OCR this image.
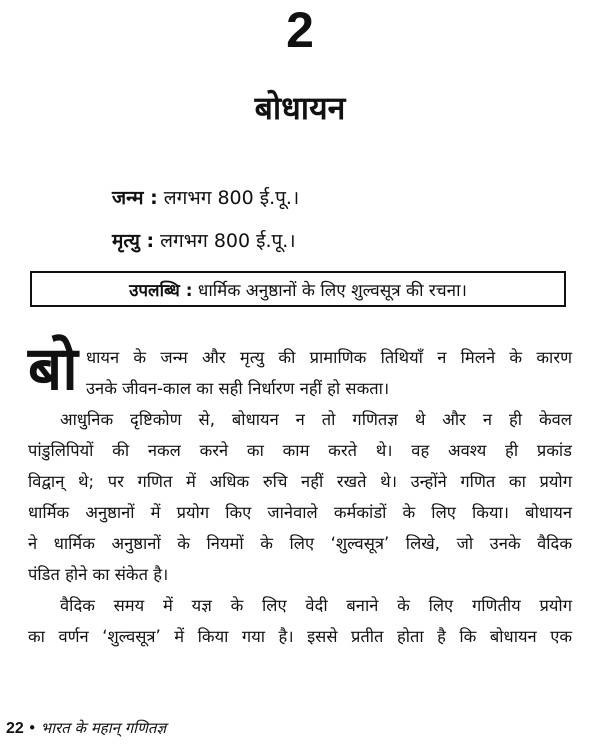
2
बोधायन
जन्म : लगभग 800 ई.पू.।
मृत्यु : लगभग 800 ई.पू.।
उपलब्धि :
धार्मिक अनुष्ठानों के लिए शुल्वसूत्र की रचना।
बो धायन के जन्म और मृत्यु की प्रामाणिक तिथियाँ न मिलने के कारण
उनके जीवन-काल का सही निर्धारण नहीं हो सकता।
आधुनिक दृष्टिकोण से, बोधायन न तो गणितज्ञ थे और न ही केवल
पांडुलिपियों की नकल करने का काम करते थे। वह अवश्य ही प्रकांड
विद्वान् थे; पर गणित में अधिक रुचि नहीं रखते थे। उन्होंने गणित का प्रयोग
धार्मिक अनुष्ठानों में प्रयोग किए जानेवाले कर्मकांडों के लिए किया। बोधायन
ने धार्मिक अनुष्ठानों के नियमों के लिए ‘शुल्वसूत्र’ लिखे, जो उनके वैदिक
पंडित होने का संकेत है।
वैदिक समय में यज्ञ के लिए वेदी बनाने के लिए गणितीय प्रयोग
का वर्णन ‘शुल्वसूत्र’ में किया गया है। इससे प्रतीत होता है कि बोधायन एक
22 • भारत के महान् गणितज्ञ
